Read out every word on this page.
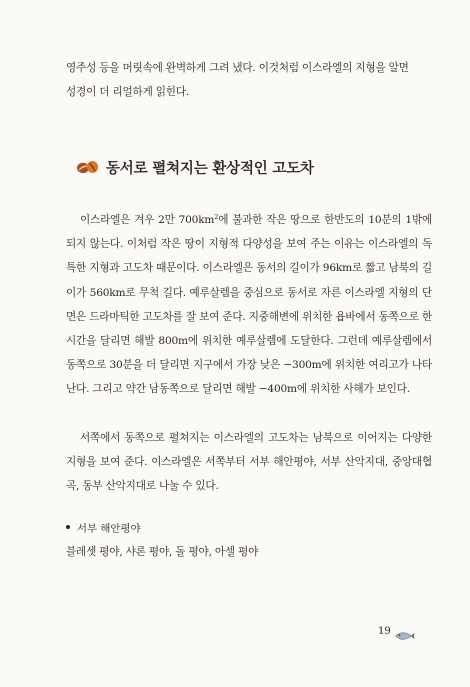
영주성 등을 머릿속에 완벽하게 그려 냈다. 이것처럼 이스라엘의 지형을 알면
성경이 더 리얼하게 읽힌다.
동서로 펼쳐지는 환상적인 고도차
이스라엘은 겨우 2만 $700km^2$에 불과한 작은 땅으로 한반도의 10분의 1밖에 되지 않는다. 이처럼 작은 땅이 지형적 다양성을 보여 주는 이유는 이스라엘의 독특한 지형과 고도차 때문이다. 이스라엘은 동서의 길이가 96km로 짧고 남북의 길이가 560km로 무척 길다. 예루살렘을 중심으로 동서로 자른 이스라엘 지형의 단면은 드라마틱한 고도차를 잘 보여 준다. 지중해변에 위치한 욥바에서 동쪽으로 한 시간을 달리면 해발 800m에 위치한 예루살렘에 도달한다. 그런데 예루살렘에서 동쪽으로 30분을 더 달리면 지구에서 가장 낮은 −300m에 위치한 여리고가 나타난다. 그리고 약간 남동쪽으로 달리면 해발 −400m에 위치한 사해가 보인다.
서쪽에서 동쪽으로 펼쳐지는 이스라엘의 고도차는 남북으로 이어지는 다양한 지형을 보여 준다. 이스라엘은 서쪽부터 서부 해안평야, 서부 산악지대, 중앙대협곡, 동부 산악지대로 나눌 수 있다.
서부 해안평야
블레셋 평야, 샤론 평야, 돌 평야, 아셀 평야
19
